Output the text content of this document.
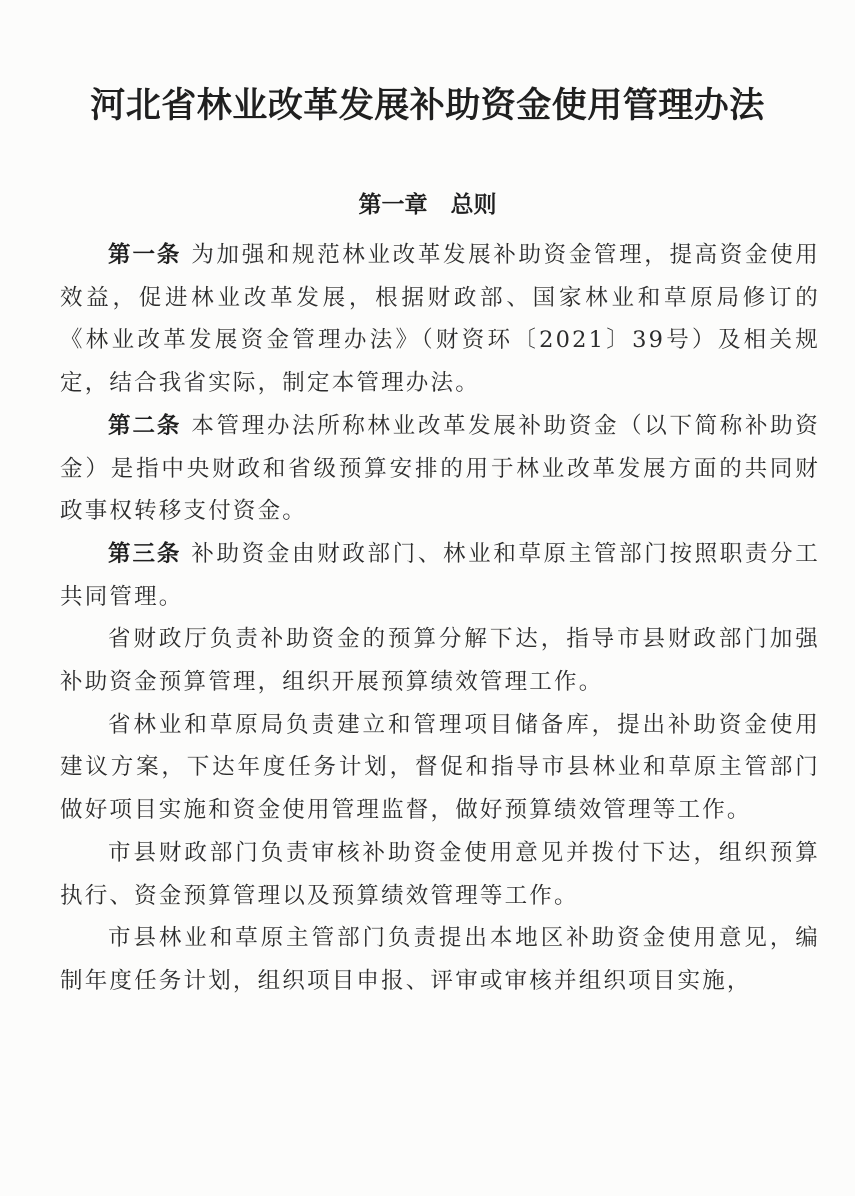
河北省林业改革发展补助资金使用管理办法
第一章　总则

第一条 为加强和规范林业改革发展补助资金管理，提高资金使用效益，促进林业改革发展，根据财政部、国家林业和草原局修订的《林业改革发展资金管理办法》（财资环〔2021〕39号）及相关规定，结合我省实际，制定本管理办法。

第二条 本管理办法所称林业改革发展补助资金（以下简称补助资金）是指中央财政和省级预算安排的用于林业改革发展方面的共同财政事权转移支付资金。

第三条 补助资金由财政部门、林业和草原主管部门按照职责分工共同管理。

省财政厅负责补助资金的预算分解下达，指导市县财政部门加强补助资金预算管理，组织开展预算绩效管理工作。

省林业和草原局负责建立和管理项目储备库，提出补助资金使用建议方案，下达年度任务计划，督促和指导市县林业和草原主管部门做好项目实施和资金使用管理监督，做好预算绩效管理等工作。

市县财政部门负责审核补助资金使用意见并拨付下达，组织预算执行、资金预算管理以及预算绩效管理等工作。

市县林业和草原主管部门负责提出本地区补助资金使用意见，编制年度任务计划，组织项目申报、评审或审核并组织项目实施，
